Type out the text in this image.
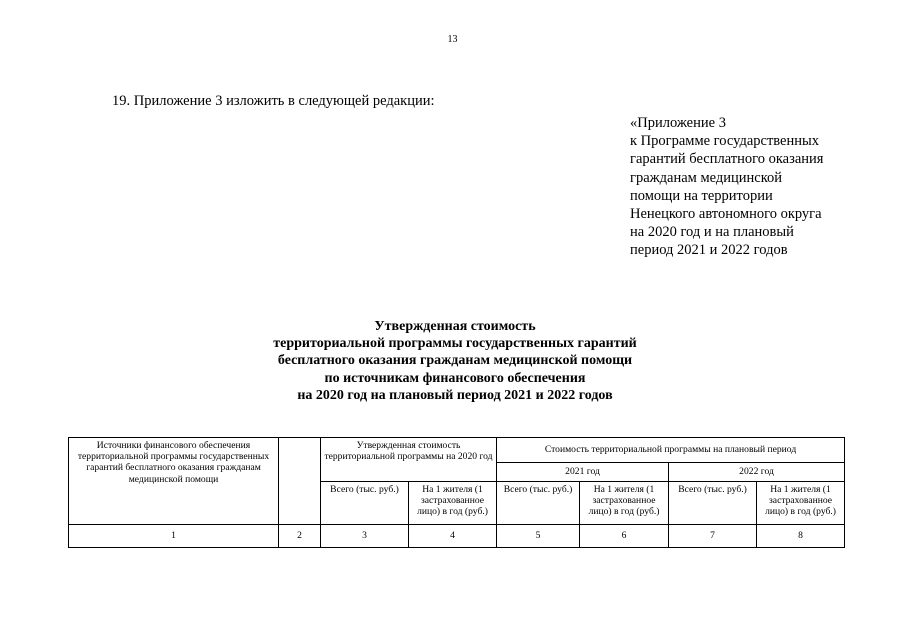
13
19. Приложение 3 изложить в следующей редакции:
«Приложение 3
к Программе государственных
гарантий бесплатного оказания
гражданам медицинской
помощи на территории
Ненецкого автономного округа
на 2020 год и на плановый
период 2021 и 2022 годов
Утвержденная стоимость
территориальной программы государственных гарантий
бесплатного оказания гражданам медицинской помощи
по источникам финансового обеспечения
на 2020 год на плановый период 2021 и 2022 годов
Источники финансового обеспечения территориальной программы государственных гарантий бесплатного оказания гражданам медицинской помощи		Утвержденная стоимость территориальной программы на 2020 год		Стоимость территориальной программы на плановый период			
				2021 год		2022 год	
		Всего (тыс. руб.)	На 1 жителя (1 застрахованное лицо) в год (руб.)	Всего (тыс. руб.)	На 1 жителя (1 застрахованное лицо) в год (руб.)	Всего (тыс. руб.)	На 1 жителя (1 застрахованное лицо) в год (руб.)
1	2	3	4	5	6	7	8
